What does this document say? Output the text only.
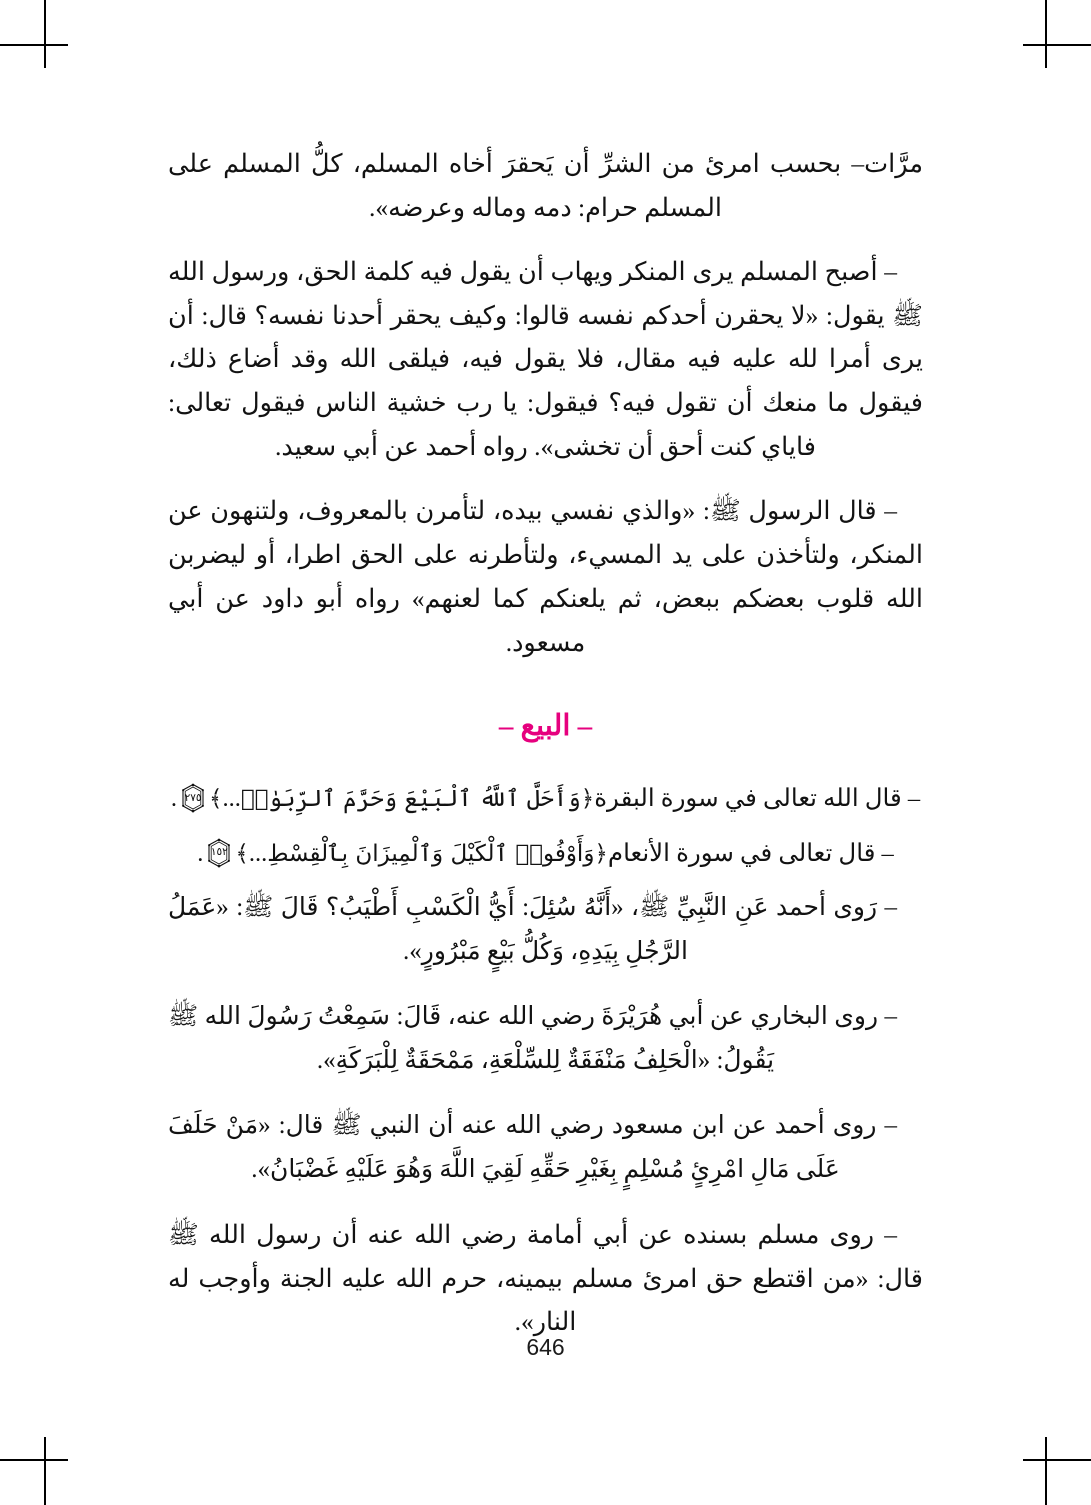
مرَّات– بحسب امرئ من الشرِّ أن يَحقرَ أخاه المسلم، كلُّ المسلم على المسلم حرام: دمه وماله وعرضه».

– أصبح المسلم يرى المنكر ويهاب أن يقول فيه كلمة الحق، ورسول الله ﷺ يقول: «لا يحقرن أحدكم نفسه قالوا: وكيف يحقر أحدنا نفسه؟ قال: أن يرى أمرا لله عليه فيه مقال، فلا يقول فيه، فيلقى الله وقد أضاع ذلك، فيقول ما منعك أن تقول فيه؟ فيقول: يا رب خشية الناس فيقول تعالى: فاياي كنت أحق أن تخشى». رواه أحمد عن أبي سعيد.

– قال الرسول ﷺ: «والذي نفسي بيده، لتأمرن بالمعروف، ولتنهون عن المنكر، ولتأخذن على يد المسيء، ولتأطرنه على الحق اطرا، أو ليضربن الله قلوب بعضكم ببعض، ثم يلعنكم كما لعنهم» رواه أبو داود عن أبي مسعود.

– البيع –

– قال الله تعالى في سورة البقرة﴿وَأَحَلَّ ٱللَّهُ ٱلْبَيْعَ وَحَرَّمَ ٱلرِّبَوٰا۟...﴾
٢٧٥
.

– قال تعالى في سورة الأنعام﴿وَأَوْفُوا۟ ٱلْكَيْلَ وَٱلْمِيزَانَ بِٱلْقِسْطِ...﴾
١٥٢
.

– رَوى أحمد عَنِ النَّبِيِّ ﷺ، «أَنَّهُ سُئِلَ: أَيُّ الْكَسْبِ أَطْيَبُ؟ قَالَ ﷺ: «عَمَلُ الرَّجُلِ بِيَدِهِ، وَكُلُّ بَيْعٍ مَبْرُورٍ».

– روى البخاري عن أبي هُرَيْرَةَ رضي الله عنه، قَالَ: سَمِعْتُ رَسُولَ الله ﷺ يَقُولُ: «الْحَلِفُ مَنْفَقَةٌ لِلسِّلْعَةِ، مَمْحَقَةٌ لِلْبَرَكَةِ».

– روى أحمد عن ابن مسعود رضي الله عنه أن النبي ﷺ قال: «مَنْ حَلَفَ عَلَى مَالِ امْرِئٍ مُسْلِمٍ بِغَيْرِ حَقِّهِ لَقِيَ اللَّهَ وَهُوَ عَلَيْهِ غَضْبَانُ».

– روى مسلم بسنده عن أبي أمامة رضي الله عنه أن رسول الله ﷺ قال: «من اقتطع حق امرئ مسلم بيمينه، حرم الله عليه الجنة وأوجب له النار».

646
